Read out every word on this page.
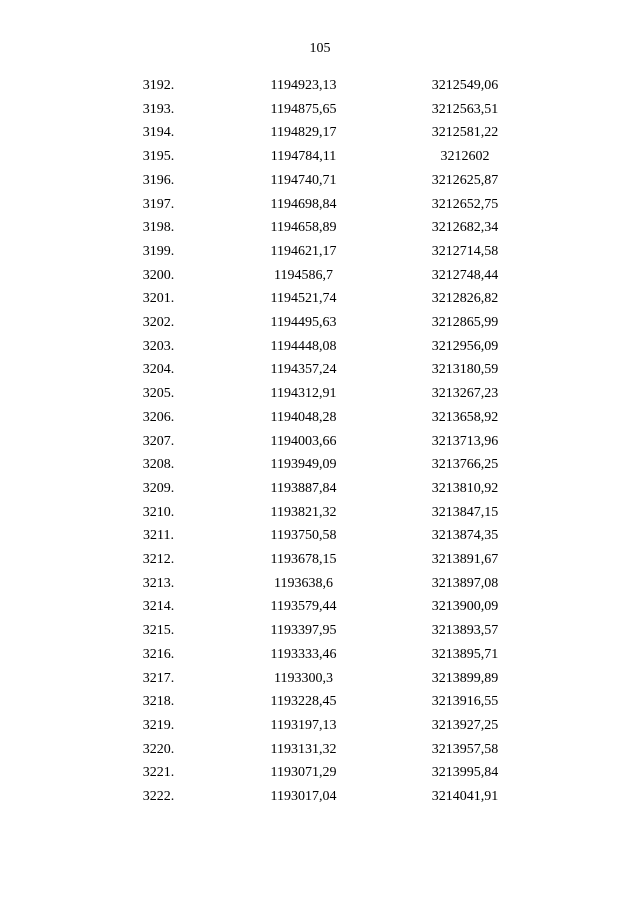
105
3192.	1194923,13	3212549,06
3193.	1194875,65	3212563,51
3194.	1194829,17	3212581,22
3195.	1194784,11	3212602
3196.	1194740,71	3212625,87
3197.	1194698,84	3212652,75
3198.	1194658,89	3212682,34
3199.	1194621,17	3212714,58
3200.	1194586,7	3212748,44
3201.	1194521,74	3212826,82
3202.	1194495,63	3212865,99
3203.	1194448,08	3212956,09
3204.	1194357,24	3213180,59
3205.	1194312,91	3213267,23
3206.	1194048,28	3213658,92
3207.	1194003,66	3213713,96
3208.	1193949,09	3213766,25
3209.	1193887,84	3213810,92
3210.	1193821,32	3213847,15
3211.	1193750,58	3213874,35
3212.	1193678,15	3213891,67
3213.	1193638,6	3213897,08
3214.	1193579,44	3213900,09
3215.	1193397,95	3213893,57
3216.	1193333,46	3213895,71
3217.	1193300,3	3213899,89
3218.	1193228,45	3213916,55
3219.	1193197,13	3213927,25
3220.	1193131,32	3213957,58
3221.	1193071,29	3213995,84
3222.	1193017,04	3214041,91
